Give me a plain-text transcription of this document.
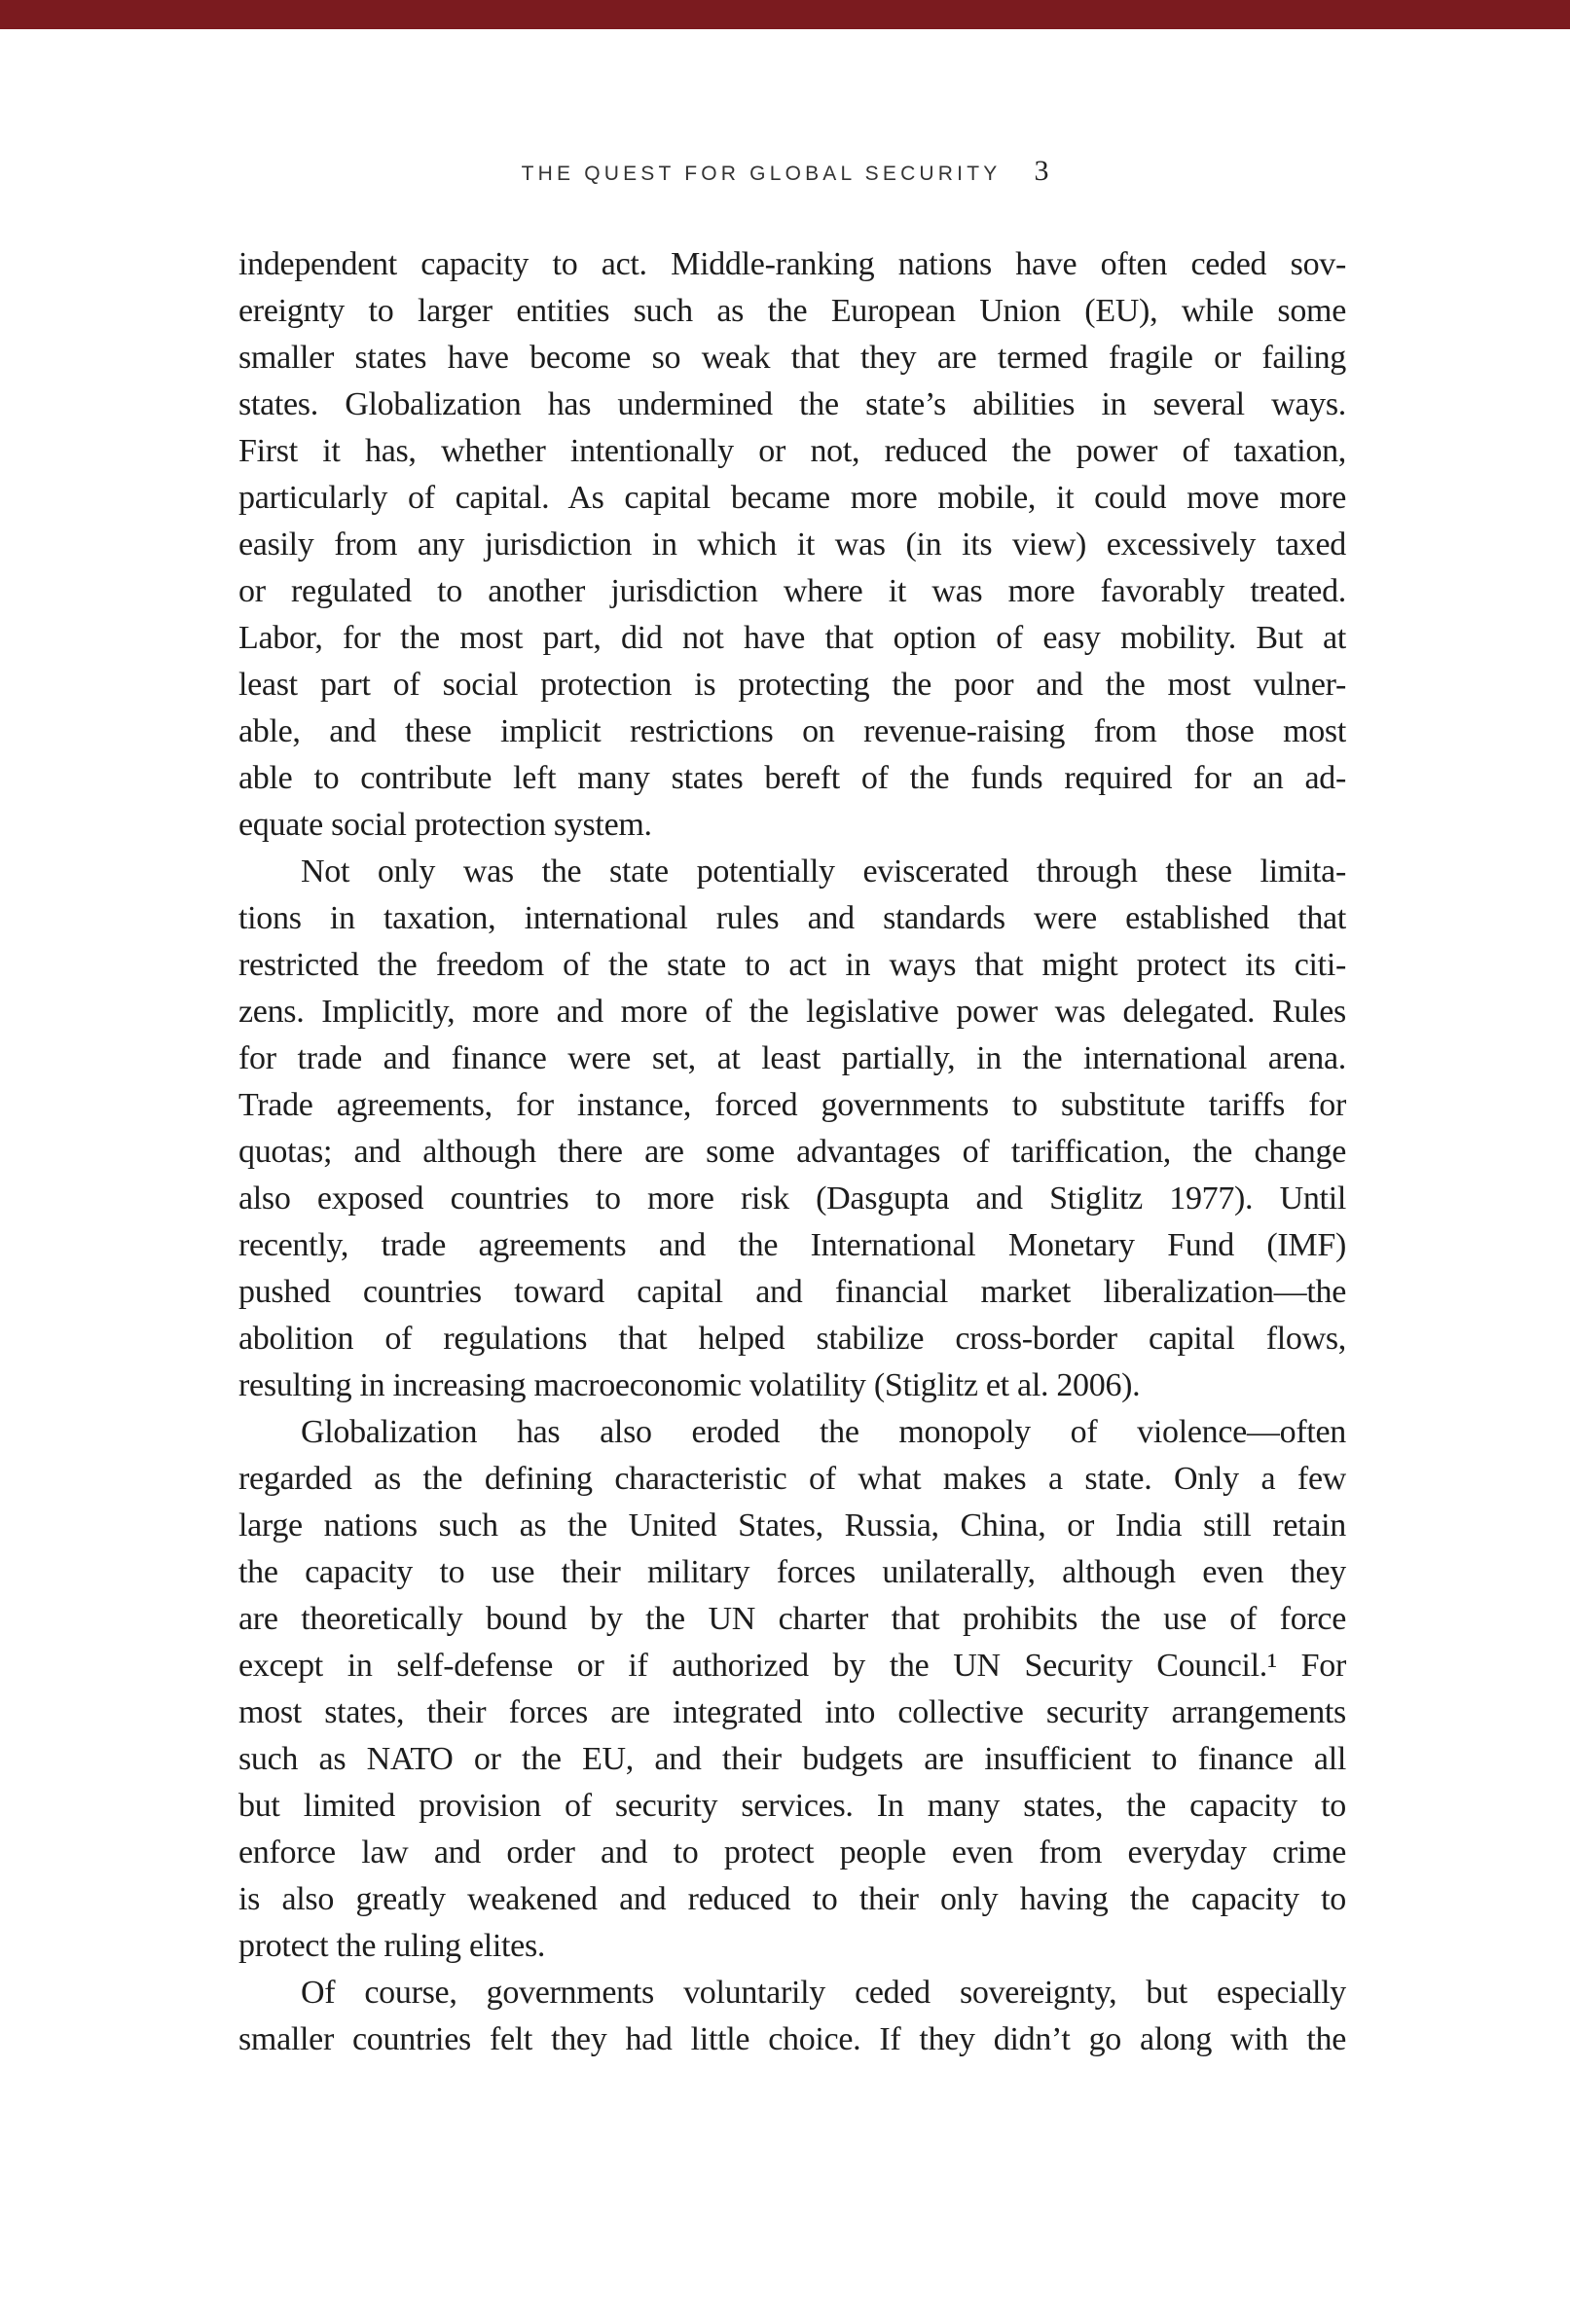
THE QUEST FOR GLOBAL SECURITY 3
independent capacity to act. Middle-ranking nations have often ceded sov-
ereignty to larger entities such as the European Union (EU), while some
smaller states have become so weak that they are termed fragile or failing
states. Globalization has undermined the state’s abilities in several ways.
First it has, whether intentionally or not, reduced the power of taxation,
particularly of capital. As capital became more mobile, it could move more
easily from any jurisdiction in which it was (in its view) excessively taxed
or regulated to another jurisdiction where it was more favorably treated.
Labor, for the most part, did not have that option of easy mobility. But at
least part of social protection is protecting the poor and the most vulner-
able, and these implicit restrictions on revenue-raising from those most
able to contribute left many states bereft of the funds required for an ad-
equate social protection system.
Not only was the state potentially eviscerated through these limita-
tions in taxation, international rules and standards were established that
restricted the freedom of the state to act in ways that might protect its citi-
zens. Implicitly, more and more of the legislative power was delegated. Rules
for trade and finance were set, at least partially, in the international arena.
Trade agreements, for instance, forced governments to substitute tariffs for
quotas; and although there are some advantages of tariffication, the change
also exposed countries to more risk (Dasgupta and Stiglitz 1977). Until
recently, trade agreements and the International Monetary Fund (IMF)
pushed countries toward capital and financial market liberalization—the
abolition of regulations that helped stabilize cross-border capital flows,
resulting in increasing macroeconomic volatility (Stiglitz et al. 2006).
Globalization has also eroded the monopoly of violence—often
regarded as the defining characteristic of what makes a state. Only a few
large nations such as the United States, Russia, China, or India still retain
the capacity to use their military forces unilaterally, although even they
are theoretically bound by the UN charter that prohibits the use of force
except in self-defense or if authorized by the UN Security Council.¹ For
most states, their forces are integrated into collective security arrangements
such as NATO or the EU, and their budgets are insufficient to finance all
but limited provision of security services. In many states, the capacity to
enforce law and order and to protect people even from everyday crime
is also greatly weakened and reduced to their only having the capacity to
protect the ruling elites.
Of course, governments voluntarily ceded sovereignty, but especially
smaller countries felt they had little choice. If they didn’t go along with the
